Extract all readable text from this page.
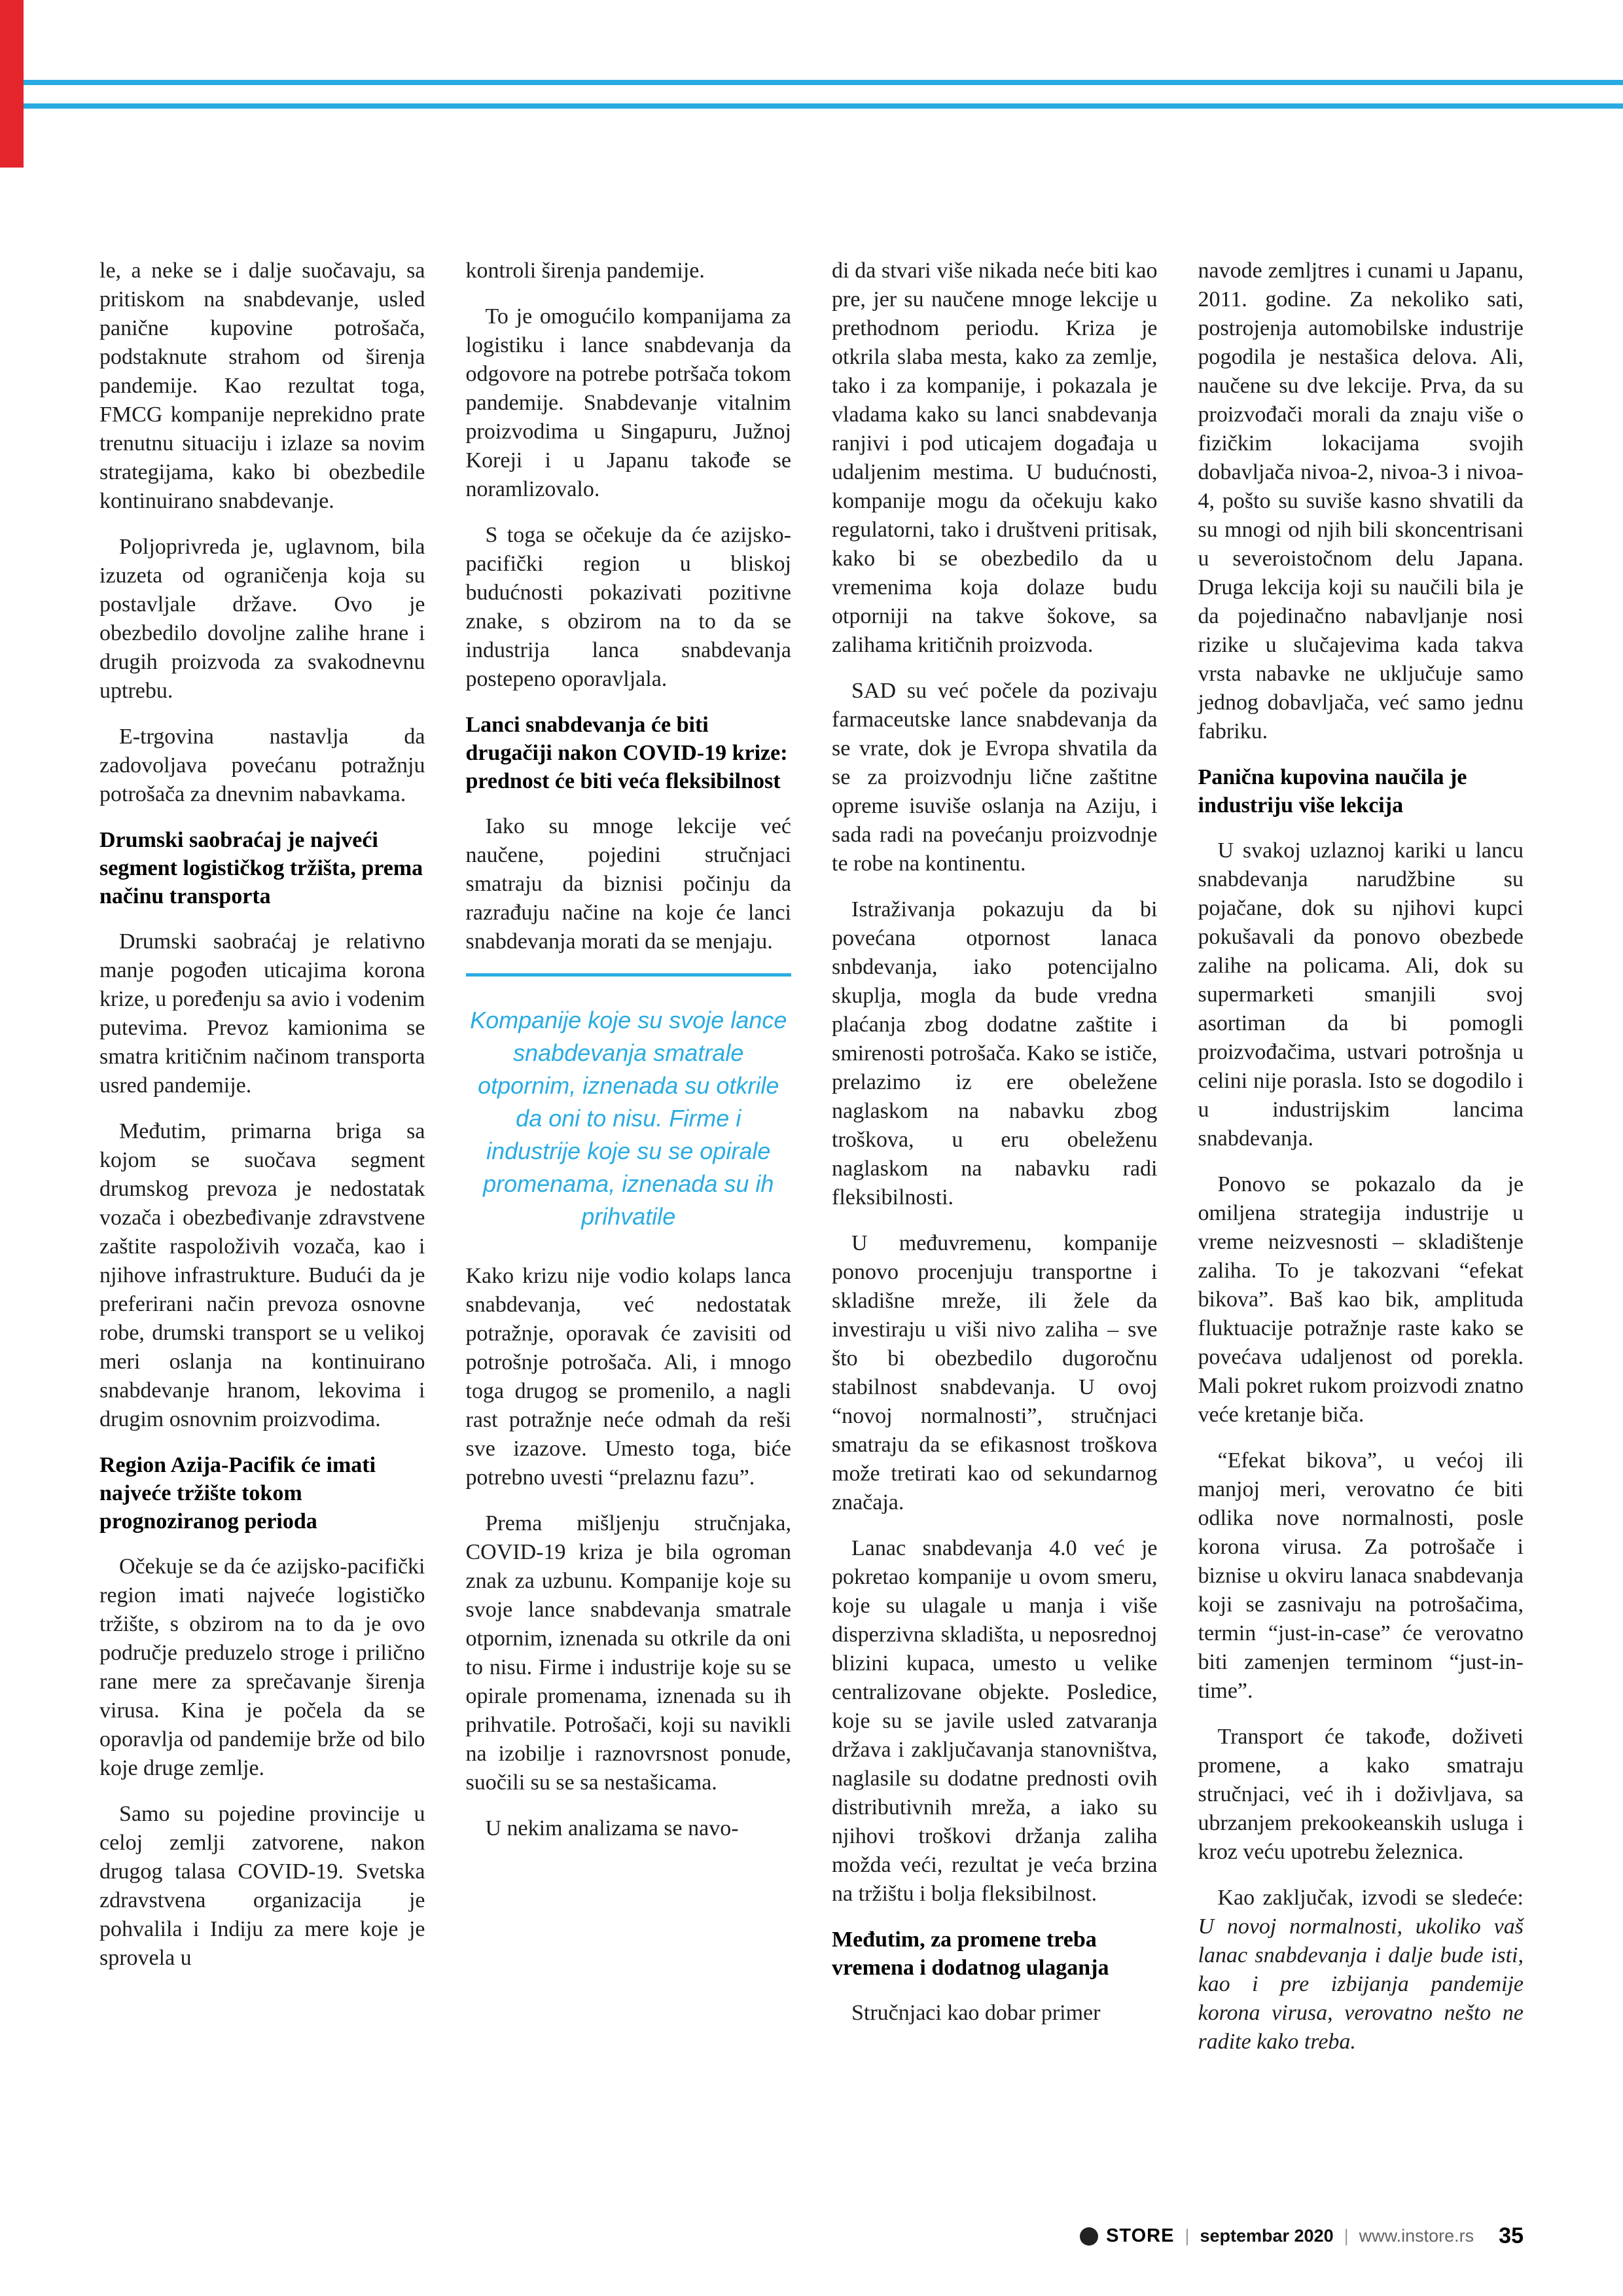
le, a neke se i dalje suočavaju, sa pritiskom na snabdevanje, usled panične kupovine potrošača, podstaknute strahom od širenja pandemije. Kao rezultat toga, FMCG kompanije neprekidno prate trenutnu situaciju i izlaze sa novim strategijama, kako bi obezbedile kontinuirano snabdevanje.

Poljoprivreda je, uglavnom, bila izuzeta od ograničenja koja su postavljale države. Ovo je obezbedilo dovoljne zalihe hrane i drugih proizvoda za svakodnevnu uptrebu.

E-trgovina nastavlja da zadovoljava povećanu potražnju potrošača za dnevnim nabavkama.

Drumski saobraćaj je najveći segment logističkog tržišta, prema načinu transporta

Drumski saobraćaj je relativno manje pogođen uticajima korona krize, u poređenju sa avio i vodenim putevima. Prevoz kamionima se smatra kritičnim načinom transporta usred pandemije.

Međutim, primarna briga sa kojom se suočava segment drumskog prevoza je nedostatak vozača i obezbeđivanje zdravstvene zaštite raspoloživih vozača, kao i njihove infrastrukture. Budući da je preferirani način prevoza osnovne robe, drumski transport se u velikoj meri oslanja na kontinuirano snabdevanje hranom, lekovima i drugim osnovnim proizvodima.

Region Azija-Pacifik će imati najveće tržište tokom prognoziranog perioda

Očekuje se da će azijsko-pacifički region imati najveće logističko tržište, s obzirom na to da je ovo područje preduzelo stroge i prilično rane mere za sprečavanje širenja virusa. Kina je počela da se oporavlja od pandemije brže od bilo koje druge zemlje.

Samo su pojedine provincije u celoj zemlji zatvorene, nakon drugog talasa COVID-19. Svetska zdravstvena organizacija je pohvalila i Indiju za mere koje je sprovela u

kontroli širenja pandemije.

To je omogućilo kompanijama za logistiku i lance snabdevanja da odgovore na potrebe potršača tokom pandemije. Snabdevanje vitalnim proizvodima u Singapuru, Južnoj Koreji i u Japanu takođe se noramlizovalo.

S toga se očekuje da će azijsko-pacifički region u bliskoj budućnosti pokazivati pozitivne znake, s obzirom na to da se industrija lanca snabdevanja postepeno oporavljala.

Lanci snabdevanja će biti drugačiji nakon COVID-19 krize: prednost će biti veća fleksibilnost

Iako su mnoge lekcije već naučene, pojedini stručnjaci smatraju da biznisi počinju da razrađuju načine na koje će lanci snabdevanja morati da se menjaju.

Kompanije koje su svoje lance snabdevanja smatrale otpornim, iznenada su otkrile da oni to nisu. Firme i industrije koje su se opirale promenama, iznenada su ih prihvatile

Kako krizu nije vodio kolaps lanca snabdevanja, već nedostatak potražnje, oporavak će zavisiti od potrošnje potrošača. Ali, i mnogo toga drugog se promenilo, a nagli rast potražnje neće odmah da reši sve izazove. Umesto toga, biće potrebno uvesti “prelaznu fazu”.

Prema mišljenju stručnjaka, COVID-19 kriza je bila ogroman znak za uzbunu. Kompanije koje su svoje lance snabdevanja smatrale otpornim, iznenada su otkrile da oni to nisu. Firme i industrije koje su se opirale promenama, iznenada su ih prihvatile. Potrošači, koji su navikli na izobilje i raznovrsnost ponude, suočili su se sa nestašicama.

U nekim analizama se navo-

di da stvari više nikada neće biti kao pre, jer su naučene mnoge lekcije u prethodnom periodu. Kriza je otkrila slaba mesta, kako za zemlje, tako i za kompanije, i pokazala je vladama kako su lanci snabdevanja ranjivi i pod uticajem događaja u udaljenim mestima. U budućnosti, kompanije mogu da očekuju kako regulatorni, tako i društveni pritisak, kako bi se obezbedilo da u vremenima koja dolaze budu otporniji na takve šokove, sa zalihama kritičnih proizvoda.

SAD su već počele da pozivaju farmaceutske lance snabdevanja da se vrate, dok je Evropa shvatila da se za proizvodnju lične zaštitne opreme isuviše oslanja na Aziju, i sada radi na povećanju proizvodnje te robe na kontinentu.

Istraživanja pokazuju da bi povećana otpornost lanaca snbdevanja, iako potencijalno skuplja, mogla da bude vredna plaćanja zbog dodatne zaštite i smirenosti potrošača. Kako se ističe, prelazimo iz ere obeležene naglaskom na nabavku zbog troškova, u eru obeleženu naglaskom na nabavku radi fleksibilnosti.

U međuvremenu, kompanije ponovo procenjuju transportne i skladišne mreže, ili žele da investiraju u viši nivo zaliha – sve što bi obezbedilo dugoročnu stabilnost snabdevanja. U ovoj “novoj normalnosti”, stručnjaci smatraju da se efikasnost troškova može tretirati kao od sekundarnog značaja.

Lanac snabdevanja 4.0 već je pokretao kompanije u ovom smeru, koje su ulagale u manja i više disperzivna skladišta, u neposrednoj blizini kupaca, umesto u velike centralizovane objekte. Posledice, koje su se javile usled zatvaranja država i zaključavanja stanovništva, naglasile su dodatne prednosti ovih distributivnih mreža, a iako su njihovi troškovi držanja zaliha možda veći, rezultat je veća brzina na tržištu i bolja fleksibilnost.

Međutim, za promene treba vremena i dodatnog ulaganja

Stručnjaci kao dobar primer

navode zemljtres i cunami u Japanu, 2011. godine. Za nekoliko sati, postrojenja automobilske industrije pogodila je nestašica delova. Ali, naučene su dve lekcije. Prva, da su proizvođači morali da znaju više o fizičkim lokacijama svojih dobavljača nivoa-2, nivoa-3 i nivoa-4, pošto su suviše kasno shvatili da su mnogi od njih bili skoncentrisani u severoistočnom delu Japana. Druga lekcija koji su naučili bila je da pojedinačno nabavljanje nosi rizike u slučajevima kada takva vrsta nabavke ne uključuje samo jednog dobavljača, već samo jednu fabriku.

Panična kupovina naučila je industriju više lekcija

U svakoj uzlaznoj kariki u lancu snabdevanja narudžbine su pojačane, dok su njihovi kupci pokušavali da ponovo obezbede zalihe na policama. Ali, dok su supermarketi smanjili svoj asortiman da bi pomogli proizvođačima, ustvari potrošnja u celini nije porasla. Isto se dogodilo i u industrijskim lancima snabdevanja.

Ponovo se pokazalo da je omiljena strategija industrije u vreme neizvesnosti – skladištenje zaliha. To je takozvani “efekat bikova”. Baš kao bik, amplituda fluktuacije potražnje raste kako se povećava udaljenost od porekla. Mali pokret rukom proizvodi znatno veće kretanje biča.

“Efekat bikova”, u većoj ili manjoj meri, verovatno će biti odlika nove normalnosti, posle korona virusa. Za potrošače i biznise u okviru lanaca snabdevanja koji se zasnivaju na potrošačima, termin “just-in-case” će verovatno biti zamenjen terminom “just-in-time”.

Transport će takođe, doživeti promene, a kako smatraju stručnjaci, već ih i doživljava, sa ubrzanjem prekookeanskih usluga i kroz veću upotrebu železnica.

Kao zaključak, izvodi se sledeće: U novoj normalnosti, ukoliko vaš lanac snabdevanja i dalje bude isti, kao i pre izbijanja pandemije korona virusa, verovatno nešto ne radite kako treba.

STORE | septembar 2020 | www.instore.rs 35
